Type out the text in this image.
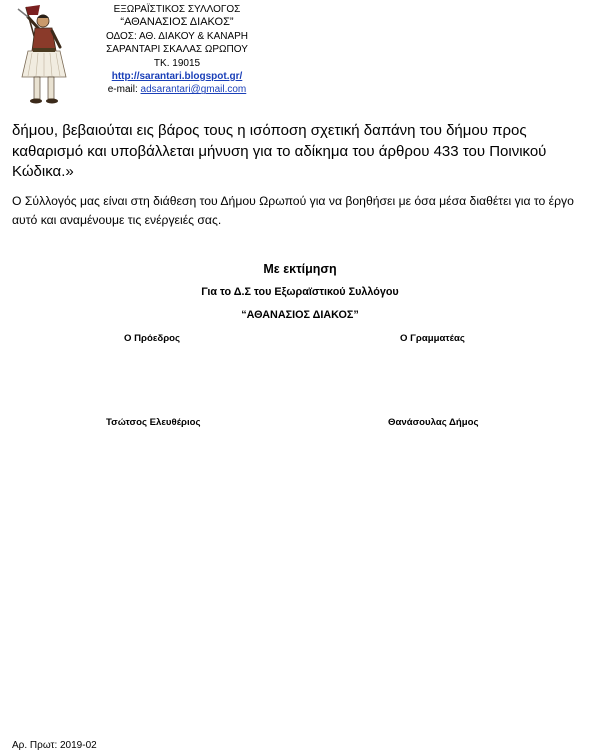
ΕΞΩΡΑΪΣΤΙΚΟΣ ΣΥΛΛΟΓΟΣ
“ΑΘΑΝΑΣΙΟΣ ΔΙΑΚΟΣ”
ΟΔΟΣ: ΑΘ. ΔΙΑΚΟΥ & ΚΑΝΑΡΗ
ΣΑΡΑΝΤΑΡΙ ΣΚΑΛΑΣ ΩΡΩΠΟΥ
ΤΚ. 19015
http://sarantari.blogspot.gr/
e-mail: adsarantari@gmail.com
δήμου, βεβαιούται εις βάρος τους η ισόποση σχετική δαπάνη του δήμου προς καθαρισμό και υποβάλλεται μήνυση για το αδίκημα του άρθρου 433 του Ποινικού Κώδικα.»
Ο Σύλλογός μας είναι στη διάθεση του Δήμου Ωρωπού για να βοηθήσει με όσα μέσα διαθέτει για το έργο αυτό και αναμένουμε τις ενέργειές σας.
Με εκτίμηση
Για το Δ.Σ του Εξωραϊστικού Συλλόγου
“ΑΘΑΝΑΣΙΟΣ ΔΙΑΚΟΣ”
Ο Πρόεδρος	Ο Γραμματέας
Τσώτσος Ελευθέριος	Θανάσουλας Δήμος
Αρ. Πρωτ: 2019-02
